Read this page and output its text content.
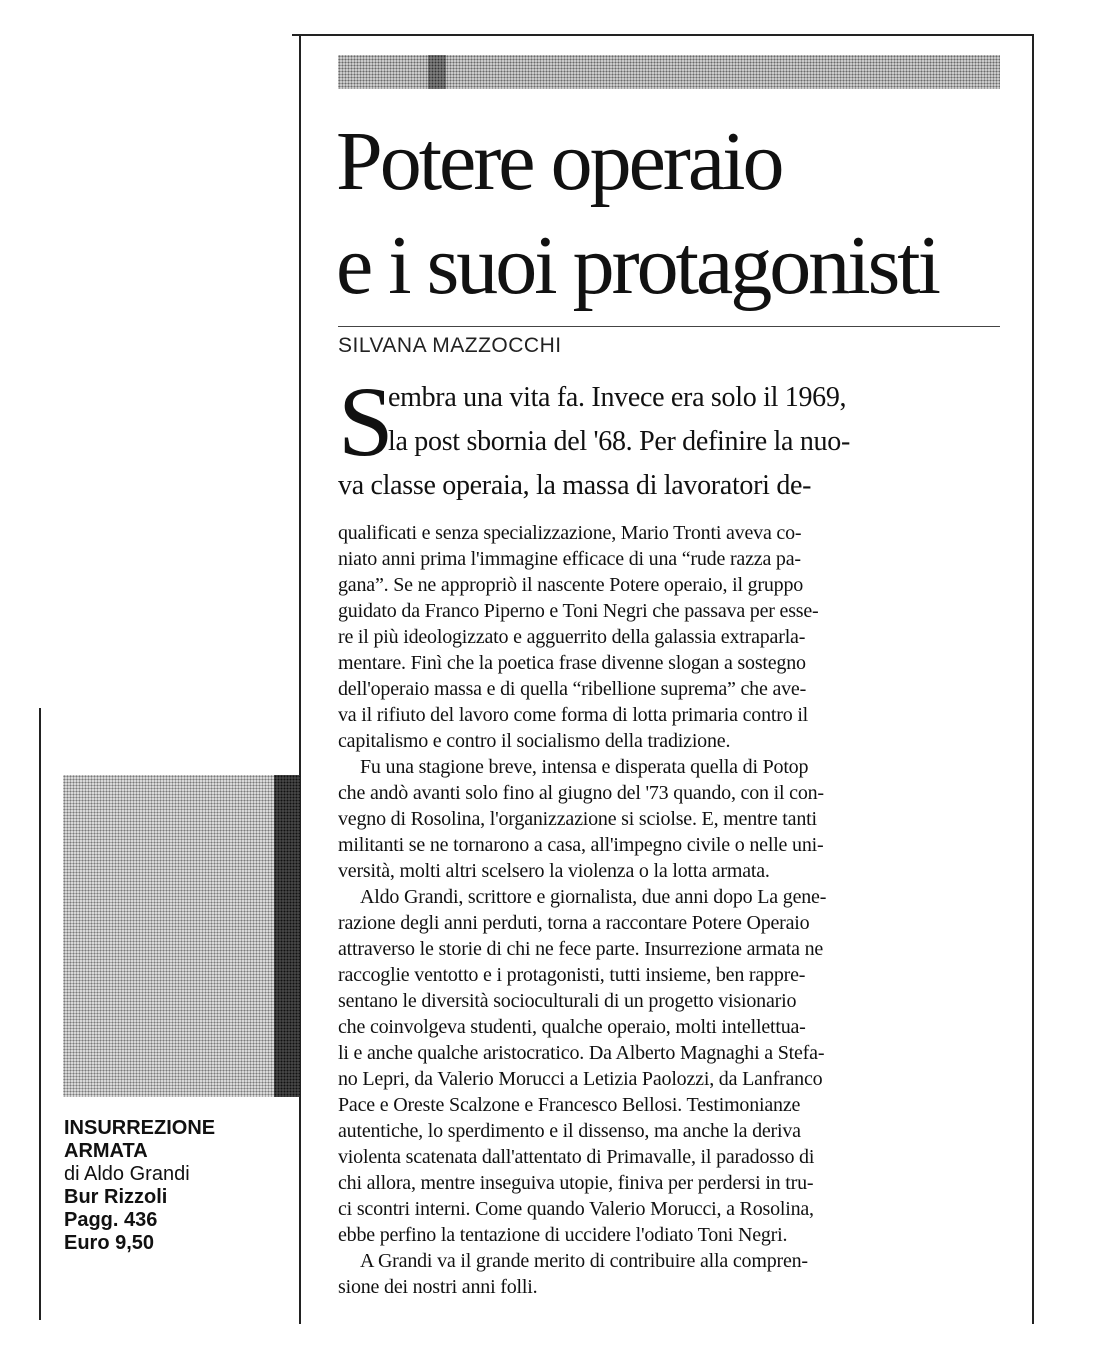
Potere operaio
e i suoi protagonisti
SILVANA MAZZOCCHI
S
embra una vita fa. Invece era solo il 1969,
la post sbornia del '68. Per definire la nuo-
va classe operaia, la massa di lavoratori de-
qualificati e senza specializzazione, Mario Tronti aveva co-
niato anni prima l'immagine efficace di una “rude razza pa-
gana”. Se ne appropriò il nascente Potere operaio, il gruppo
guidato da Franco Piperno e Toni Negri che passava per esse-
re il più ideologizzato e agguerrito della galassia extraparla-
mentare. Finì che la poetica frase divenne slogan a sostegno
dell'operaio massa e di quella “ribellione suprema” che ave-
va il rifiuto del lavoro come forma di lotta primaria contro il
capitalismo e contro il socialismo della tradizione.
Fu una stagione breve, intensa e disperata quella di Potop
che andò avanti solo fino al giugno del '73 quando, con il con-
vegno di Rosolina, l'organizzazione si sciolse. E, mentre tanti
militanti se ne tornarono a casa, all'impegno civile o nelle uni-
versità, molti altri scelsero la violenza o la lotta armata.
Aldo Grandi, scrittore e giornalista, due anni dopo La gene-
razione degli anni perduti, torna a raccontare Potere Operaio
attraverso le storie di chi ne fece parte. Insurrezione armata ne
raccoglie ventotto e i protagonisti, tutti insieme, ben rappre-
sentano le diversità socioculturali di un progetto visionario
che coinvolgeva studenti, qualche operaio, molti intellettua-
li e anche qualche aristocratico. Da Alberto Magnaghi a Stefa-
no Lepri, da Valerio Morucci a Letizia Paolozzi, da Lanfranco
Pace e Oreste Scalzone e Francesco Bellosi. Testimonianze
autentiche, lo sperdimento e il dissenso, ma anche la deriva
violenta scatenata dall'attentato di Primavalle, il paradosso di
chi allora, mentre inseguiva utopie, finiva per perdersi in tru-
ci scontri interni. Come quando Valerio Morucci, a Rosolina,
ebbe perfino la tentazione di uccidere l'odiato Toni Negri.
A Grandi va il grande merito di contribuire alla compren-
sione dei nostri anni folli.
INSURREZIONE
ARMATA
di Aldo Grandi
Bur Rizzoli
Pagg. 436
Euro 9,50
